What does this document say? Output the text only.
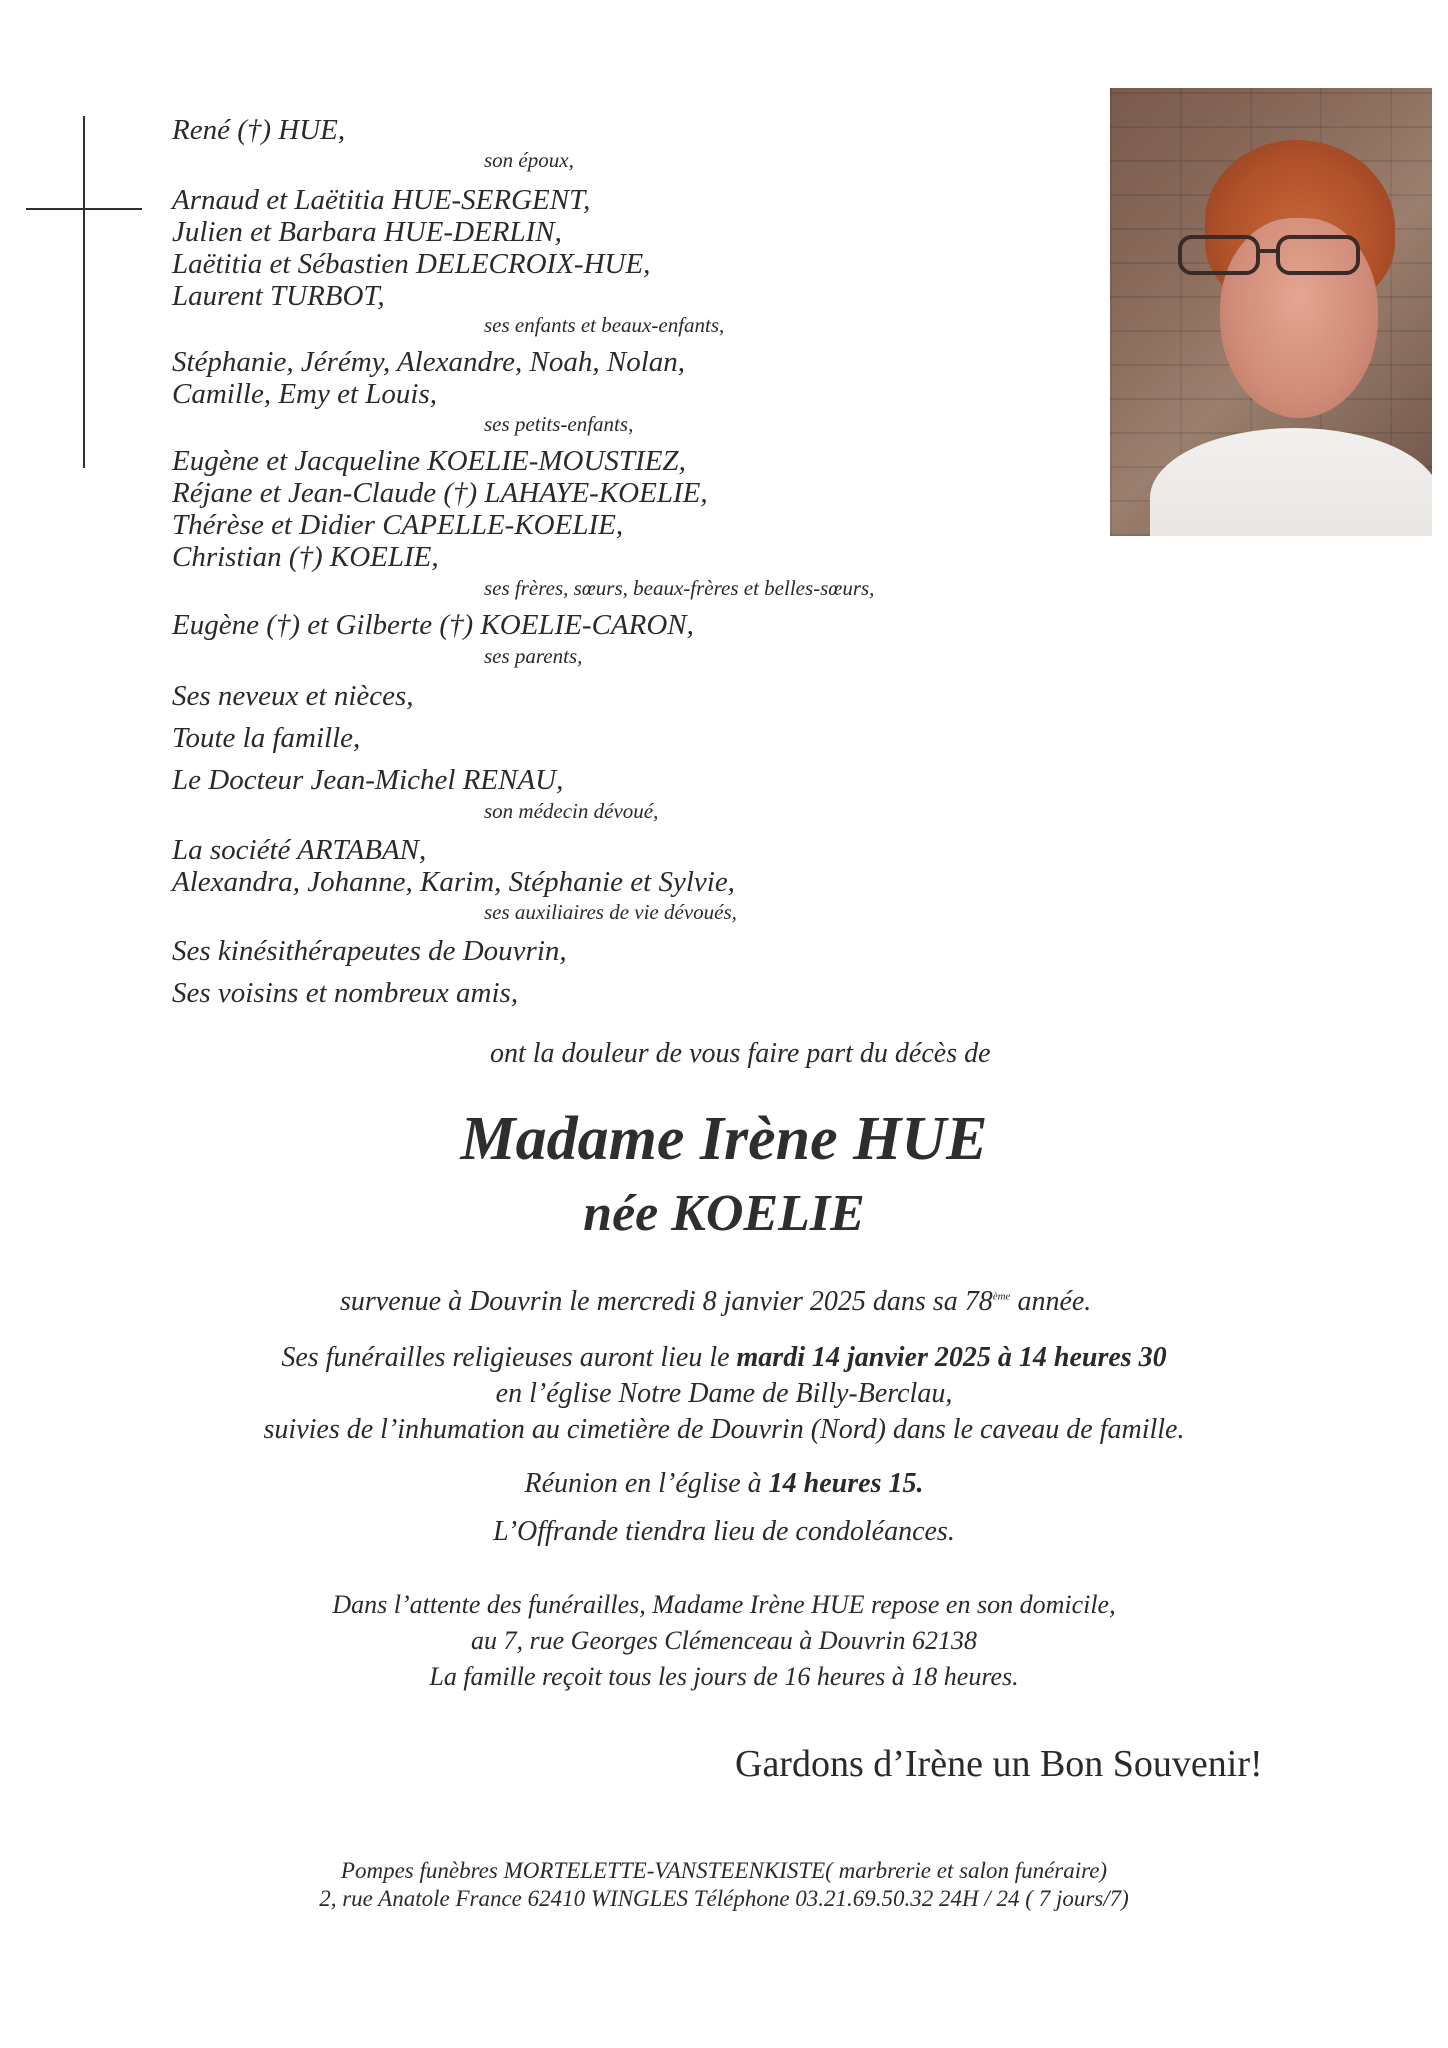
René (†) HUE,
son époux,
Arnaud et Laëtitia HUE-SERGENT,
Julien et Barbara HUE-DERLIN,
Laëtitia et Sébastien DELECROIX-HUE,
Laurent TURBOT,
ses enfants et beaux-enfants,
Stéphanie, Jérémy, Alexandre, Noah, Nolan,
Camille, Emy et Louis,
ses petits-enfants,
Eugène et Jacqueline KOELIE-MOUSTIEZ,
Réjane et Jean-Claude (†) LAHAYE-KOELIE,
Thérèse et Didier CAPELLE-KOELIE,
Christian (†) KOELIE,
ses frères, sœurs, beaux-frères et belles-sœurs,
Eugène (†) et Gilberte (†) KOELIE-CARON,
ses parents,
Ses neveux et nièces,
Toute la famille,
Le Docteur Jean-Michel RENAU,
son médecin dévoué,
La société ARTABAN,
Alexandra, Johanne, Karim, Stéphanie et Sylvie,
ses auxiliaires de vie dévoués,
Ses kinésithérapeutes de Douvrin,
Ses voisins et nombreux amis,
ont la douleur de vous faire part du décès de
Madame Irène HUE
née KOELIE
survenue à Douvrin le mercredi 8 janvier 2025 dans sa 78ème année.
Ses funérailles religieuses auront lieu le mardi 14 janvier 2025 à 14 heures 30
en l’église Notre Dame de Billy-Berclau,
suivies de l’inhumation au cimetière de Douvrin (Nord) dans le caveau de famille.
Réunion en l’église à 14 heures 15.
L’Offrande tiendra lieu de condoléances.
Dans l’attente des funérailles, Madame Irène HUE repose en son domicile,
au 7, rue Georges Clémenceau à Douvrin 62138
La famille reçoit tous les jours de 16 heures à 18 heures.
Gardons d’Irène un Bon Souvenir!
Pompes funèbres MORTELETTE-VANSTEENKISTE( marbrerie et salon funéraire)
2, rue Anatole France 62410 WINGLES Téléphone 03.21.69.50.32 24H / 24 ( 7 jours/7)
